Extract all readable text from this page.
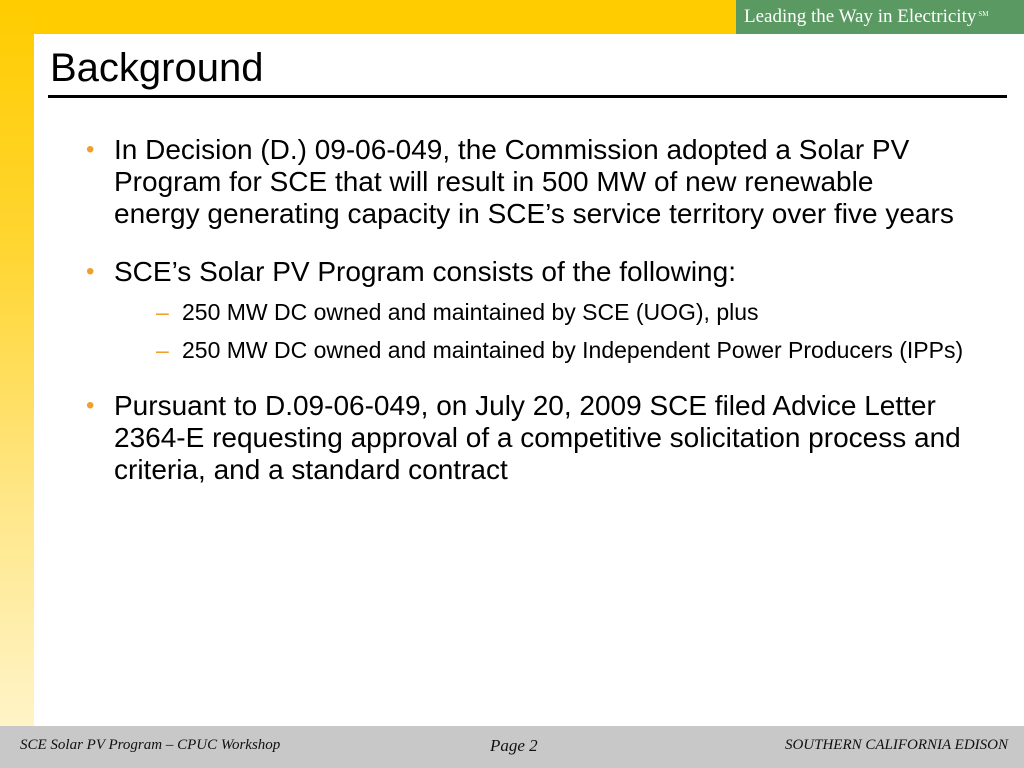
Leading the Way in Electricity ℠
Background
• In Decision (D.) 09-06-049, the Commission adopted a Solar PV Program for SCE that will result in 500 MW of new renewable energy generating capacity in SCE’s service territory over five years
• SCE’s Solar PV Program consists of the following:
– 250 MW DC owned and maintained by SCE (UOG), plus
– 250 MW DC owned and maintained by Independent Power Producers (IPPs)
• Pursuant to D.09-06-049, on July 20, 2009 SCE filed Advice Letter 2364-E requesting approval of a competitive solicitation process and criteria, and a standard contract
SCE Solar PV Program – CPUC Workshop	Page 2	SOUTHERN CALIFORNIA EDISON
